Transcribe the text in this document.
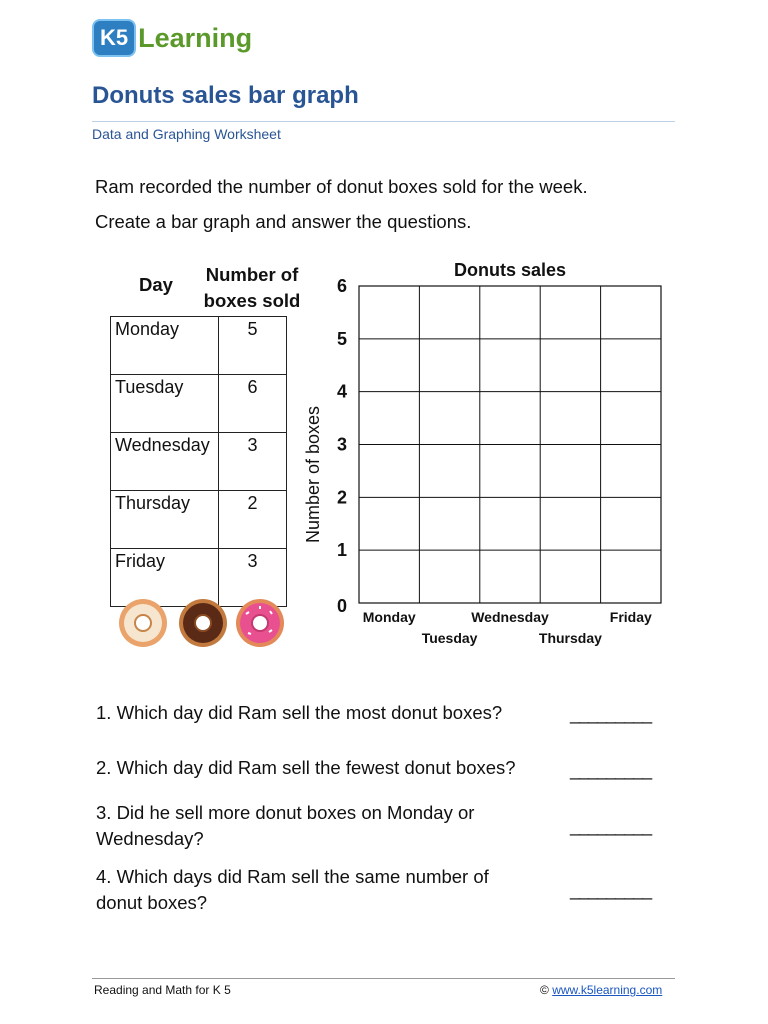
K5 Learning
Donuts sales bar graph
Data and Graphing Worksheet
Ram recorded the number of donut boxes sold for the week.
Create a bar graph and answer the questions.
Day	Number of
boxes sold
Monday	5
Tuesday	6
Wednesday	3
Thursday	2
Friday	3
Donuts sales
0
1
2
3
4
5
6
Number of boxes
Monday
Tuesday
Wednesday
Thursday
Friday
1. Which day did Ram sell the most donut boxes?	_________
2. Which day did Ram sell the fewest donut boxes?	_________
3. Did he sell more donut boxes on Monday or
Wednesday?
_________
4. Which days did Ram sell the same number of
donut boxes?
_________
Reading and Math for K 5	© www.k5learning.com
